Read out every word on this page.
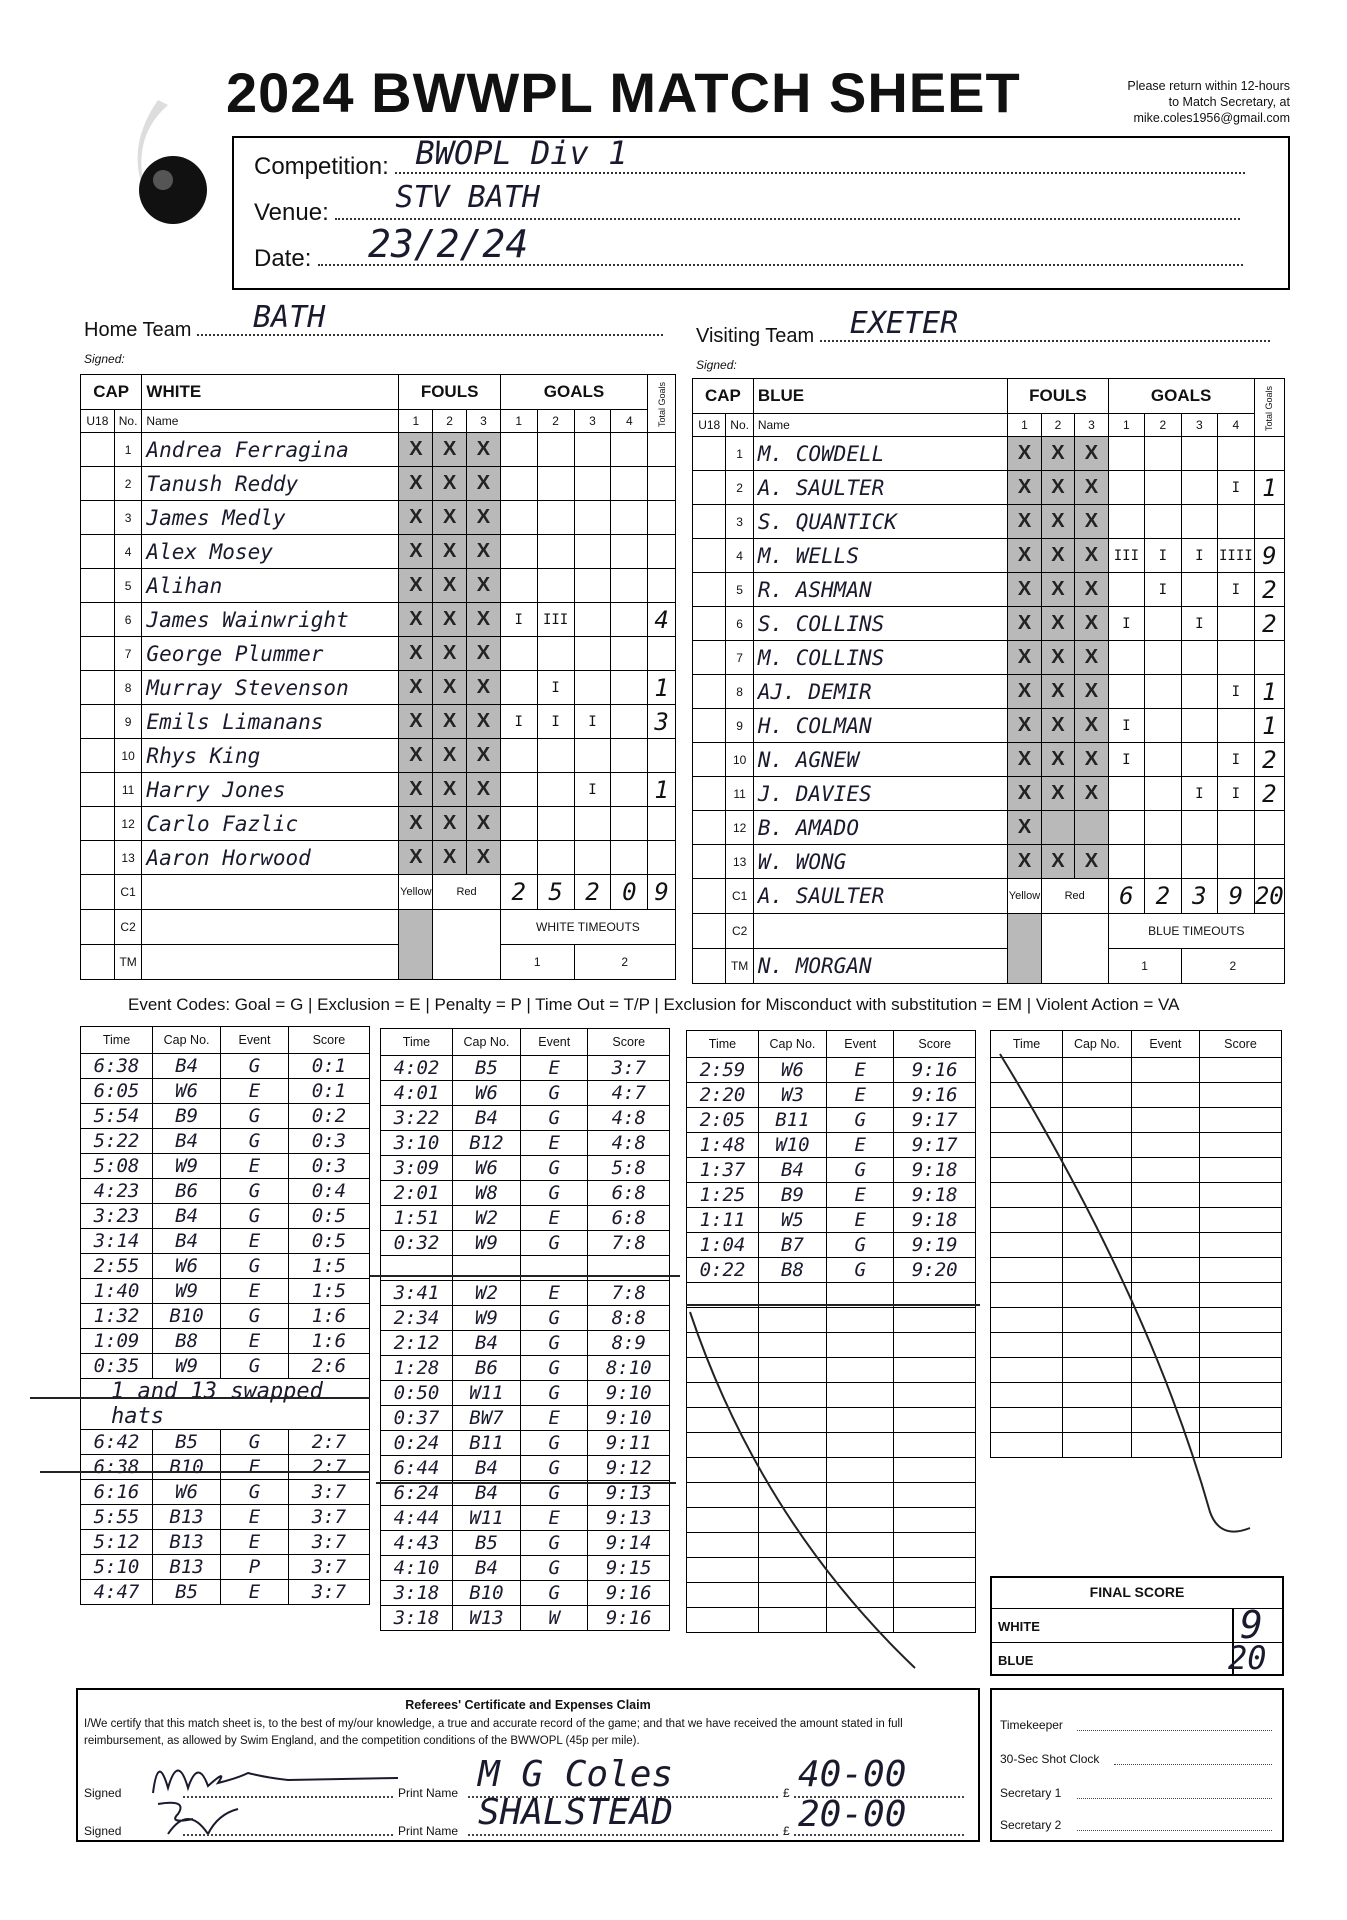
2024 BWWPL MATCH SHEET	Please return within 12-hours
to Match Secretary, at
mike.coles1956@gmail.com
Competition: BWOPL Div 1
Venue: STV BATH
Date: 23/2/24
Home Team BATH
Signed:
Visiting Team EXETER
Signed:
CAP		WHITE	FOULS			GOALS				Total Goals
U18	No.	Name	1	2	3	1	2	3	4	
	1	Andrea Ferragina	X	X	X					
	2	Tanush Reddy	X	X	X					
	3	James Medly	X	X	X					
	4	Alex Mosey	X	X	X					
	5	Alihan	X	X	X					
	6	James Wainwright	X	X	X	I	III			4
	7	George Plummer	X	X	X					
	8	Murray Stevenson	X	X	X		I			1
	9	Emils Limanans	X	X	X	I	I	I		3
	10	Rhys King	X	X	X					
	11	Harry Jones	X	X	X			I		1
	12	Carlo Fazlic	X	X	X					
	13	Aaron Horwood	X	X	X					
	C1		Yellow	Red		2	5	2	0	9
	C2					WHITE TIMEOUTS				
	TM					1		2		
CAP		BLUE	FOULS			GOALS				Total Goals
U18	No.	Name	1	2	3	1	2	3	4	
	1	M. COWDELL	X	X	X					
	2	A. SAULTER	X	X	X				I	1
	3	S. QUANTICK	X	X	X					
	4	M. WELLS	X	X	X	III	I	I	IIII	9
	5	R. ASHMAN	X	X	X		I		I	2
	6	S. COLLINS	X	X	X	I		I		2
	7	M. COLLINS	X	X	X					
	8	AJ. DEMIR	X	X	X				I	1
	9	H. COLMAN	X	X	X	I				1
	10	N. AGNEW	X	X	X	I			I	2
	11	J. DAVIES	X	X	X			I	I	2
	12	B. AMADO	X							
	13	W. WONG	X	X	X					
	C1	A. SAULTER	Yellow	Red		6	2	3	9	20
	C2					BLUE TIMEOUTS				
	TM	N. MORGAN				1		2		
Event Codes: Goal = G | Exclusion = E | Penalty = P | Time Out = T/P | Exclusion for Misconduct with substitution = EM | Violent Action = VA
Time	Cap No.	Event	Score
6:38	B4	G	0:1
6:05	W6	E	0:1
5:54	B9	G	0:2
5:22	B4	G	0:3
5:08	W9	E	0:3
4:23	B6	G	0:4
3:23	B4	G	0:5
3:14	B4	E	0:5
2:55	W6	G	1:5
1:40	W9	E	1:5
1:32	B10	G	1:6
1:09	B8	E	1:6
0:35	W9	G	2:6
1 and 13 swapped hats			

6:42	B5	G	2:7
6:38	B10	E	2:7
6:16	W6	G	3:7
5:55	B13	E	3:7
5:12	B13	E	3:7
5:10	B13	P	3:7
4:47	B5	E	3:7
Time	Cap No.	Event	Score
4:02	B5	E	3:7
4:01	W6	G	4:7
3:22	B4	G	4:8
3:10	B12	E	4:8
3:09	W6	G	5:8
2:01	W8	G	6:8
1:51	W2	E	6:8
0:32	W9	G	7:8

3:41	W2	E	7:8
2:34	W9	G	8:8
2:12	B4	G	8:9
1:28	B6	G	8:10
0:50	W11	G	9:10
0:37	BW7	E	9:10
0:24	B11	G	9:11
6:44	B4	G	9:12
6:24	B4	G	9:13
4:44	W11	E	9:13
4:43	B5	G	9:14
4:10	B4	G	9:15
3:18	B10	G	9:16
3:18	W13	W	9:16
Time	Cap No.	Event	Score
2:59	W6	E	9:16
2:20	W3	E	9:16
2:05	B11	G	9:17
1:48	W10	E	9:17
1:37	B4	G	9:18
1:25	B9	E	9:18
1:11	W5	E	9:18
1:04	B7	G	9:19
0:22	B8	G	9:20

Time	Cap No.	Event	Score

FINAL SCORE
WHITE	9
BLUE	20
Referees' Certificate and Expenses Claim
I/We certify that this match sheet is, to the best of my/our knowledge, a true and accurate record of the game; and that we have received the amount stated in full reimbursement, as allowed by Swim England, and the competition conditions of the BWWOPL (45p per mile).
Signed	Print Name M G Coles	£ 40-00
Signed	Print Name SHALSTEAD	£ 20-00
Timekeeper
30-Sec Shot Clock
Secretary 1
Secretary 2
